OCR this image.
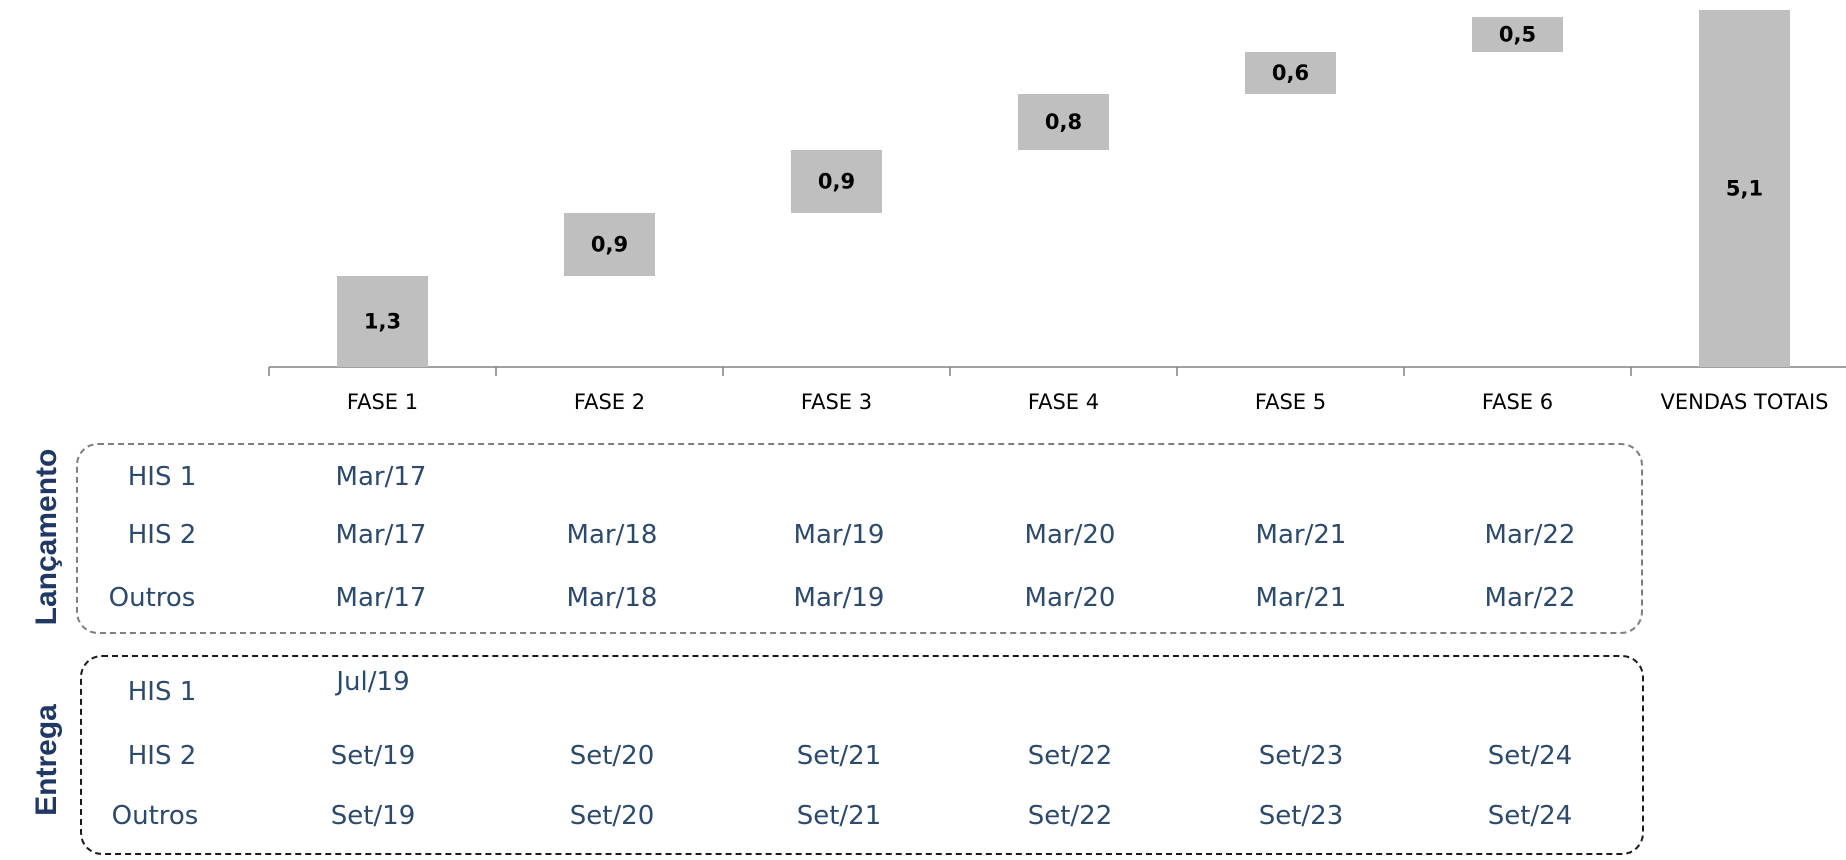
1,3
FASE 1
0,9
FASE 2
0,9
FASE 3
0,8
FASE 4
0,6
FASE 5
0,5
FASE 6
5,1
VENDAS TOTAIS
Lançamento
Entrega
HIS 1	Mar/17
HIS 2	Mar/17	Mar/18	Mar/19	Mar/20	Mar/21	Mar/22
Outros	Mar/17	Mar/18	Mar/19	Mar/20	Mar/21	Mar/22
HIS 1	Jul/19
HIS 2	Set/19	Set/20	Set/21	Set/22	Set/23	Set/24
Outros	Set/19	Set/20	Set/21	Set/22	Set/23	Set/24
